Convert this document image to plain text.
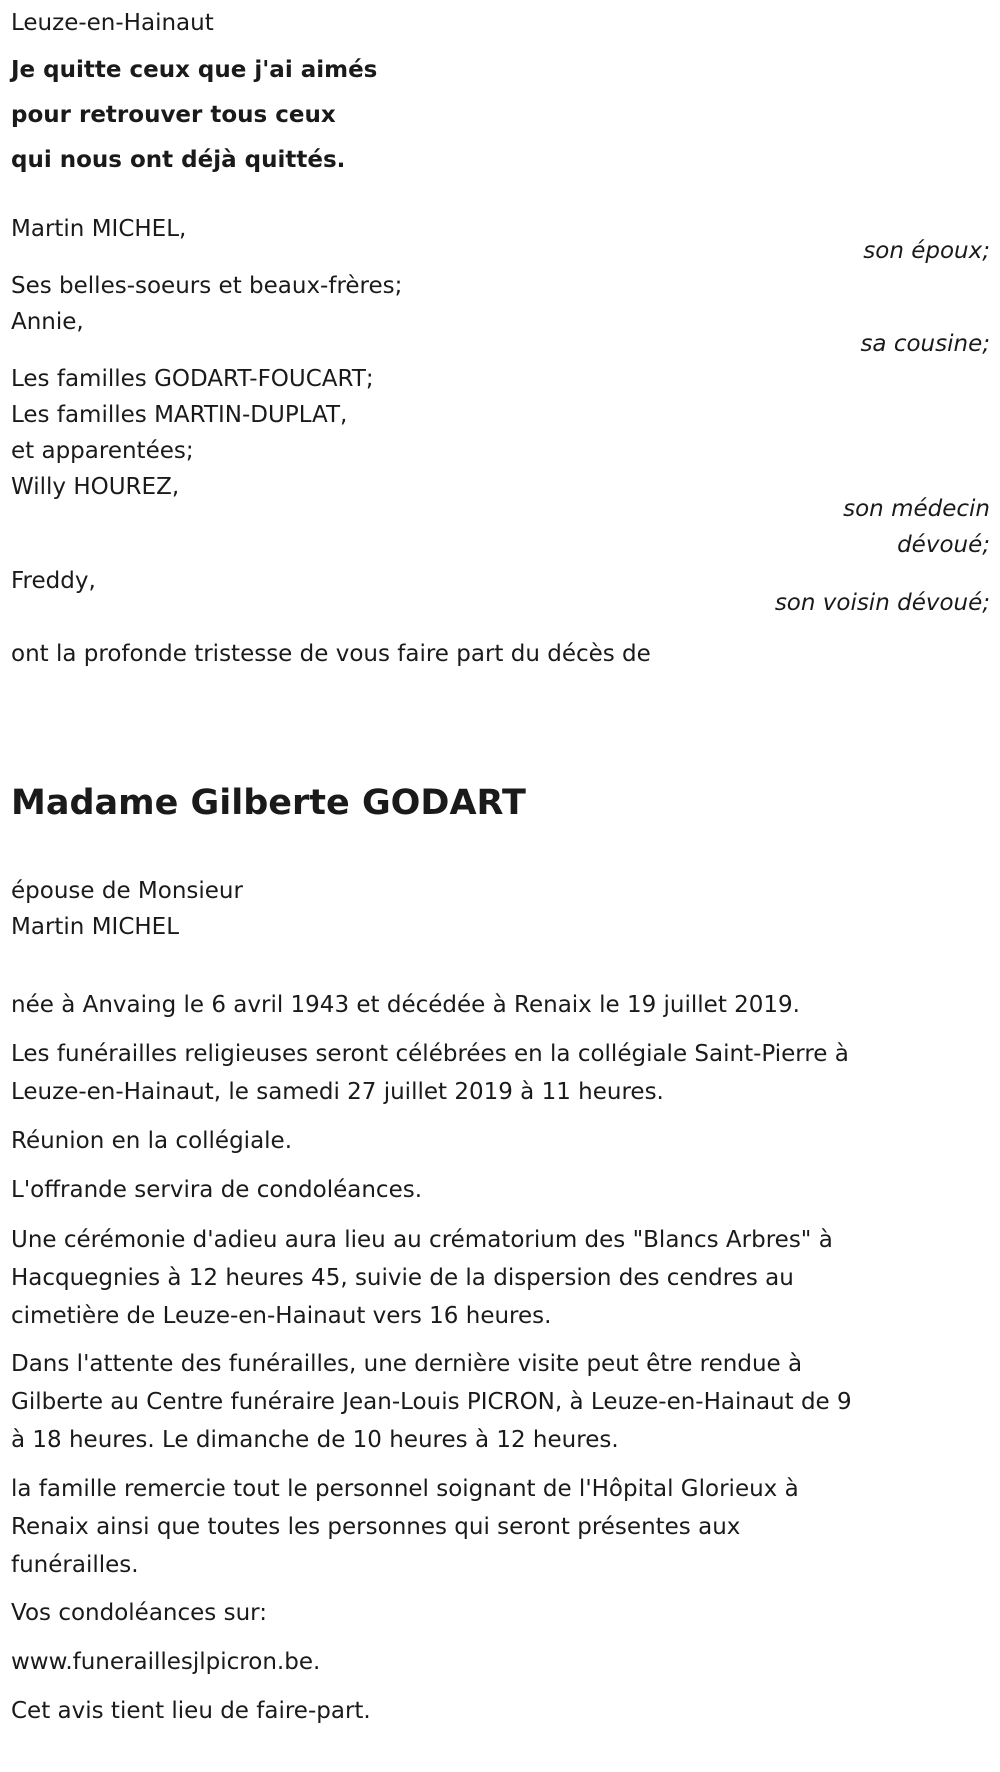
Leuze-en-Hainaut
Je quitte ceux que j'ai aimés
pour retrouver tous ceux
qui nous ont déjà quittés.
Martin MICHEL,
son époux;
Ses belles-soeurs et beaux-frères;
Annie,
sa cousine;
Les familles GODART-FOUCART;
Les familles MARTIN-DUPLAT,
et apparentées;
Willy HOUREZ,
son médecin
dévoué;
Freddy,
son voisin dévoué;
ont la profonde tristesse de vous faire part du décès de
Madame Gilberte GODART
épouse de Monsieur
Martin MICHEL
née à Anvaing le 6 avril 1943 et décédée à Renaix le 19 juillet 2019.
Les funérailles religieuses seront célébrées en la collégiale Saint-Pierre à
Leuze-en-Hainaut, le samedi 27 juillet 2019 à 11 heures.
Réunion en la collégiale.
L'offrande servira de condoléances.
Une cérémonie d'adieu aura lieu au crématorium des "Blancs Arbres" à
Hacquegnies à 12 heures 45, suivie de la dispersion des cendres au
cimetière de Leuze-en-Hainaut vers 16 heures.
Dans l'attente des funérailles, une dernière visite peut être rendue à
Gilberte au Centre funéraire Jean-Louis PICRON, à Leuze-en-Hainaut de 9
à 18 heures. Le dimanche de 10 heures à 12 heures.
la famille remercie tout le personnel soignant de l'Hôpital Glorieux à
Renaix ainsi que toutes les personnes qui seront présentes aux
funérailles.
Vos condoléances sur:
www.funeraillesjlpicron.be.
Cet avis tient lieu de faire-part.
